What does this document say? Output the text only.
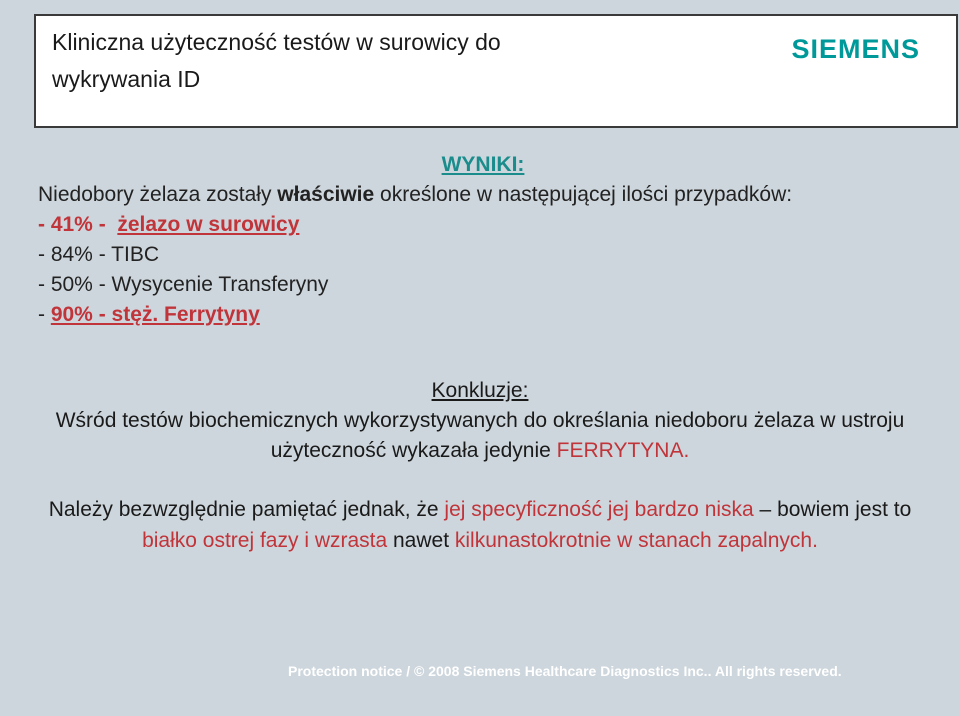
Kliniczna użyteczność testów w surowicy do
wykrywania ID
SIEMENS
WYNIKI:
Niedobory żelaza zostały właściwie określone w następującej ilości przypadków:
- 41% - żelazo w surowicy
- 84% - TIBC
- 50% - Wysycenie Transferyny
- 90% - stęż. Ferrytyny
Konkluzje:
Wśród testów biochemicznych wykorzystywanych do określania niedoboru żelaza w ustroju użyteczność wykazała jedynie FERRYTYNA.
Należy bezwzględnie pamiętać jednak, że jej specyficzność jej bardzo niska – bowiem jest to białko ostrej fazy i wzrasta nawet kilkunastokrotnie w stanach zapalnych.
Protection notice / © 2008 Siemens Healthcare Diagnostics Inc.. All rights reserved.
